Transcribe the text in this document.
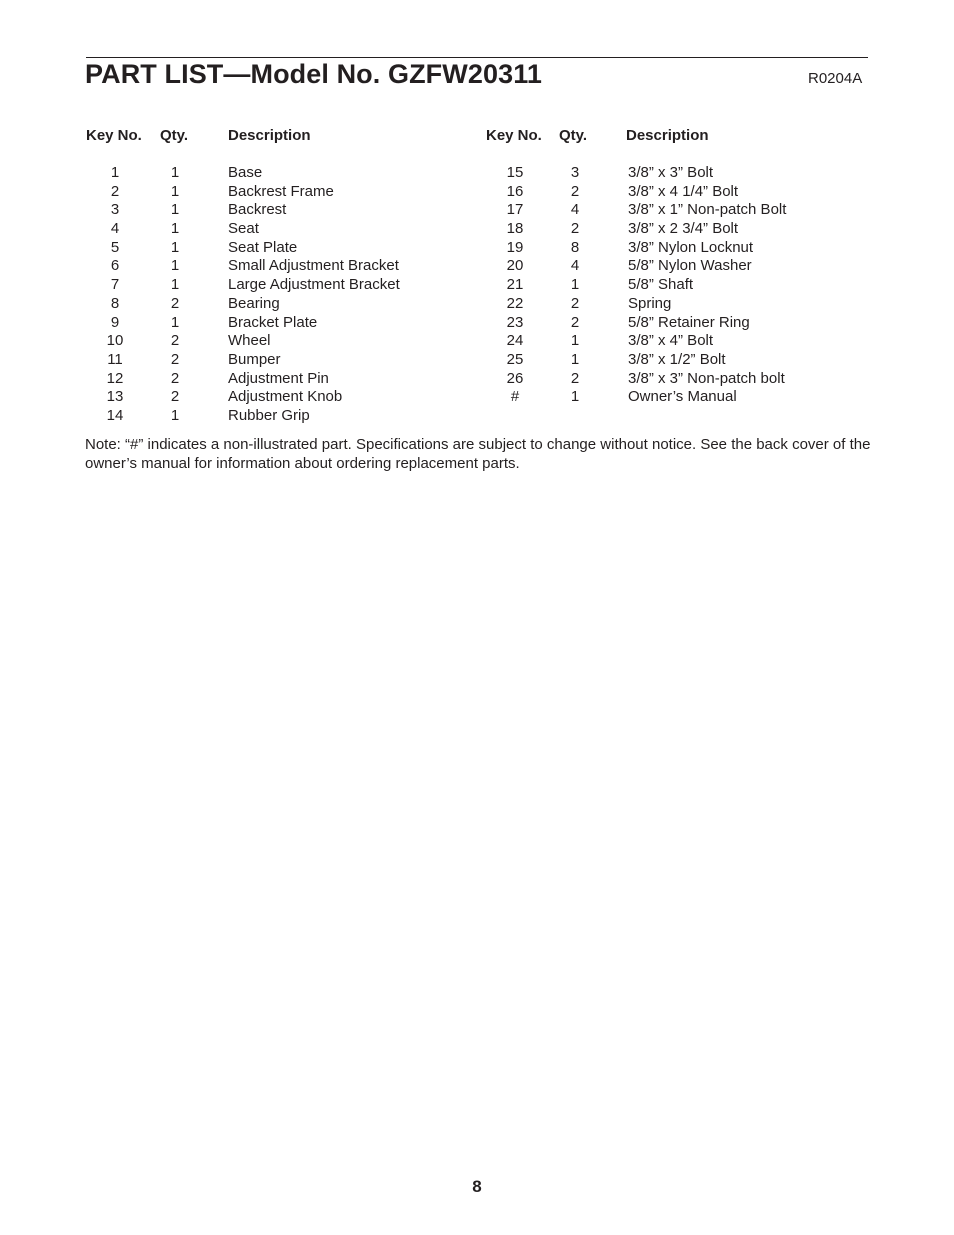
PART LIST—Model No. GZFW20311	R0204A
Key No. Qty.	Description	Key No. Qty.	Description
1	1	Base
2	1	Backrest Frame
3	1	Backrest
4	1	Seat
5	1	Seat Plate
6	1	Small Adjustment Bracket
7	1	Large Adjustment Bracket
8	2	Bearing
9	1	Bracket Plate
10	2	Wheel
11	2	Bumper
12	2	Adjustment Pin
13	2	Adjustment Knob
14	1	Rubber Grip
15	3	3/8” x 3” Bolt
16	2	3/8” x 4 1/4” Bolt
17	4	3/8” x 1” Non-patch Bolt
18	2	3/8” x 2 3/4” Bolt
19	8	3/8” Nylon Locknut
20	4	5/8” Nylon Washer
21	1	5/8” Shaft
22	2	Spring
23	2	5/8” Retainer Ring
24	1	3/8” x 4” Bolt
25	1	3/8” x 1/2” Bolt
26	2	3/8” x 3” Non-patch bolt
#	1	Owner’s Manual
Note: “#” indicates a non-illustrated part. Specifications are subject to change without notice. See the back cover of the owner’s manual for information about ordering replacement parts.
8
